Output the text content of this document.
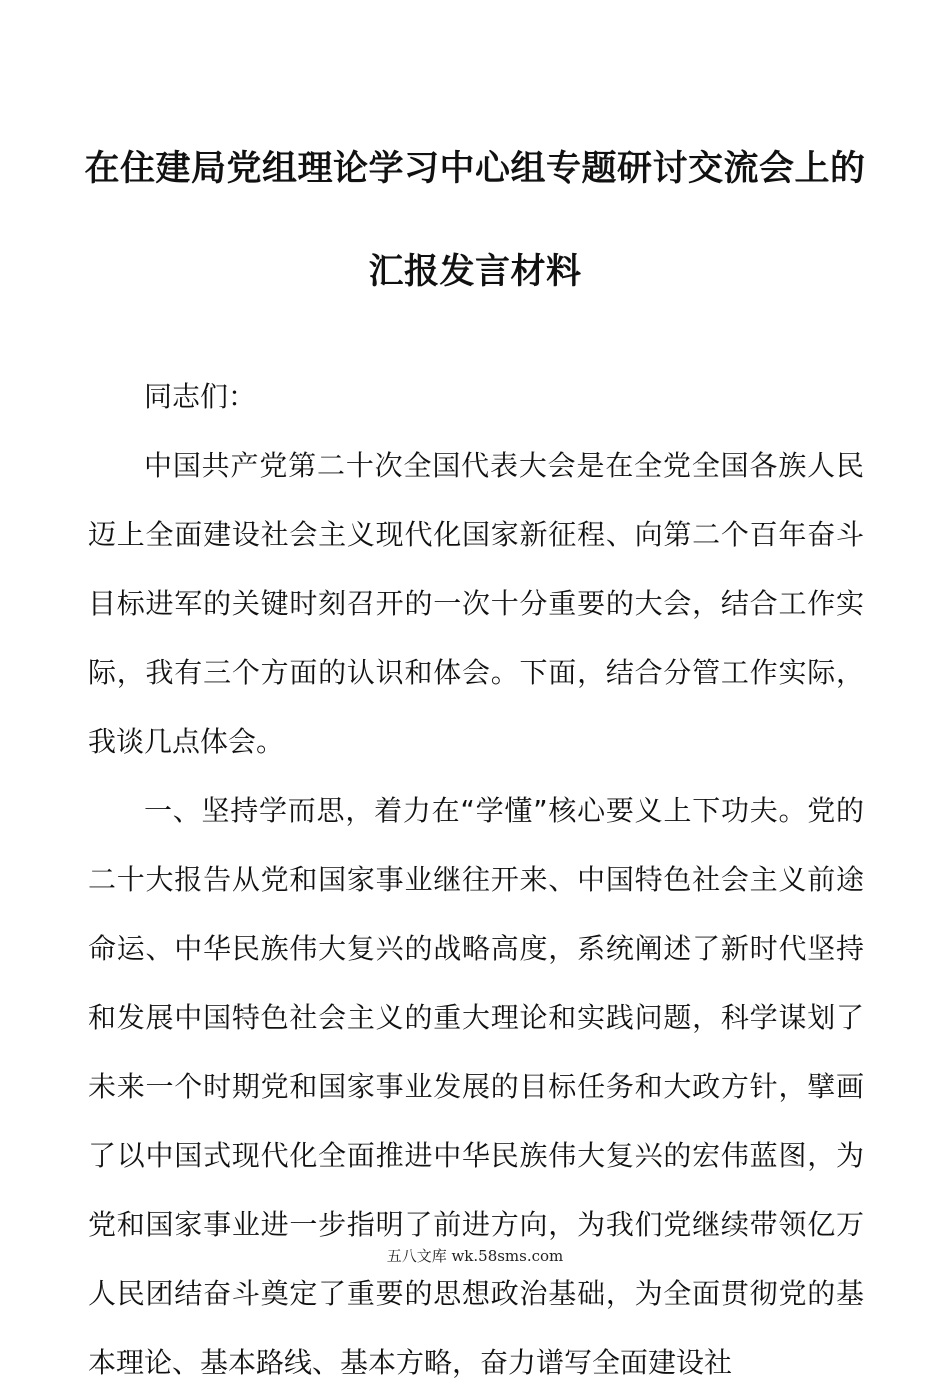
在住建局党组理论学习中心组专题研讨交流会上的
汇报发言材料

同志们：

中国共产党第二十次全国代表大会是在全党全国各族人民迈上全面建设社会主义现代化国家新征程、向第二个百年奋斗目标进军的关键时刻召开的一次十分重要的大会，结合工作实际，我有三个方面的认识和体会。下面，结合分管工作实际，我谈几点体会。

一、坚持学而思，着力在“学懂”核心要义上下功夫。党的二十大报告从党和国家事业继往开来、中国特色社会主义前途命运、中华民族伟大复兴的战略高度，系统阐述了新时代坚持和发展中国特色社会主义的重大理论和实践问题，科学谋划了未来一个时期党和国家事业发展的目标任务和大政方针，擘画了以中国式现代化全面推进中华民族伟大复兴的宏伟蓝图，为党和国家事业进一步指明了前进方向，为我们党继续带领亿万人民团结奋斗奠定了重要的思想政治基础，为全面贯彻党的基本理论、基本路线、基本方略，奋力谱写全面建设社

五八文库 wk.58sms.com
